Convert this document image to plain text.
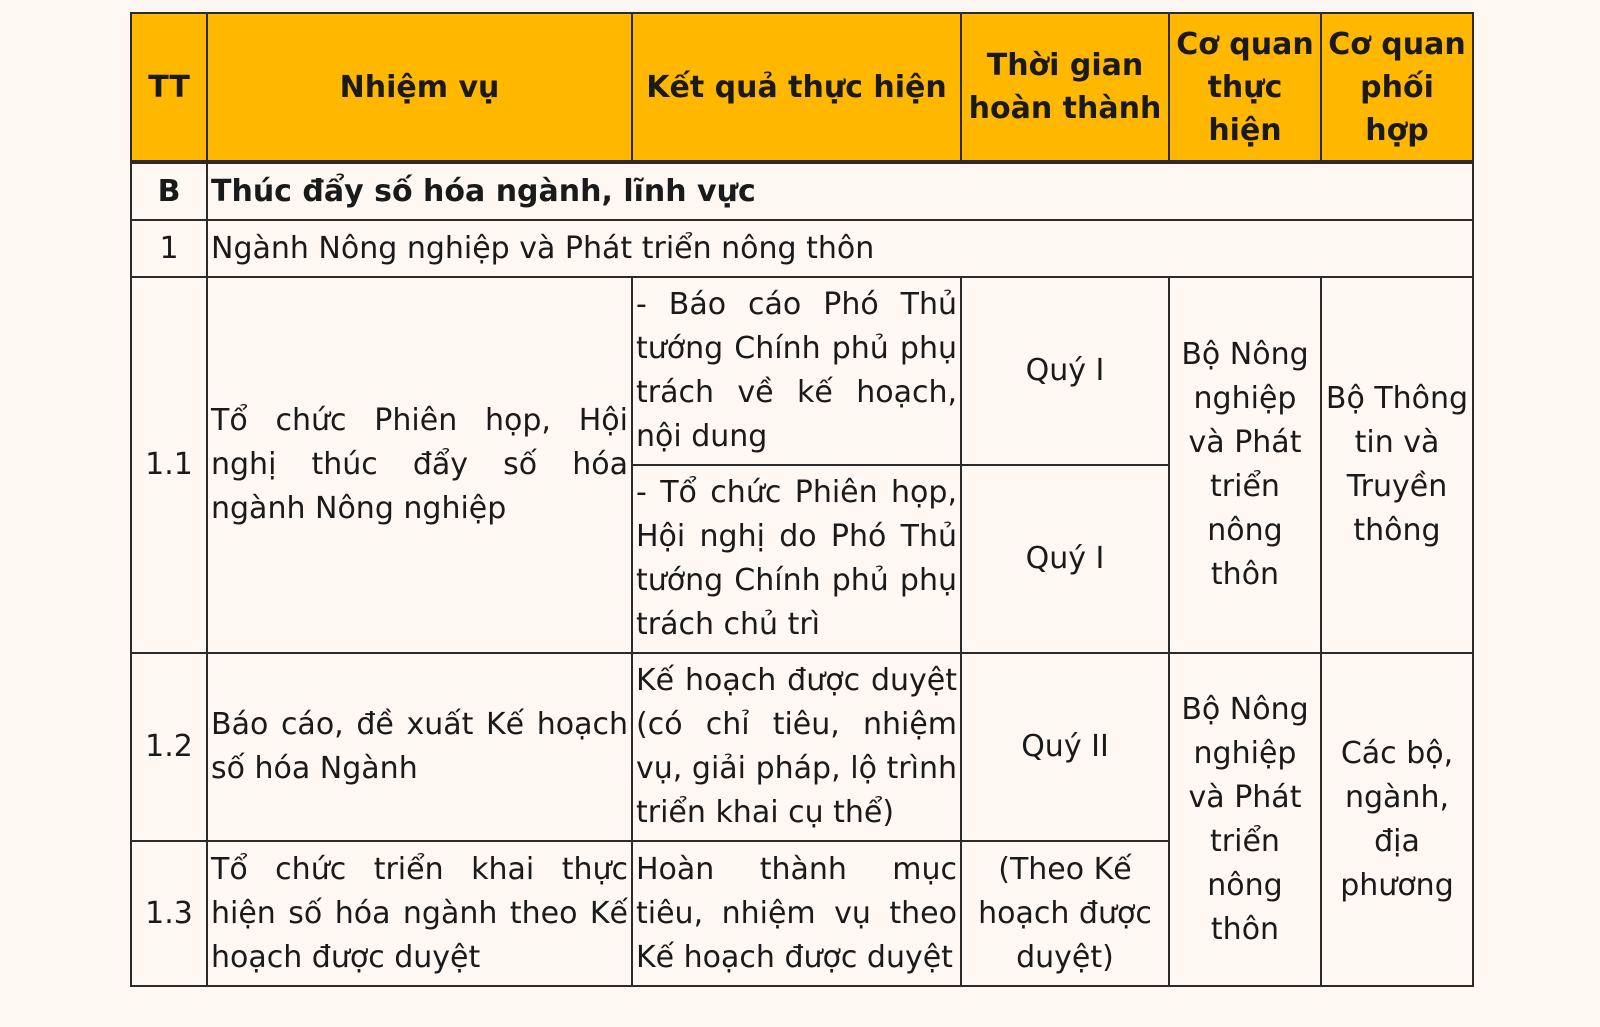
TT	Nhiệm vụ	Kết quả thực hiện	Thời gian hoàn thành	Cơ quan thực hiện	Cơ quan phối hợp
B	Thúc đẩy số hóa ngành, lĩnh vực				
1	Ngành Nông nghiệp và Phát triển nông thôn				
1.1	Tổ chức Phiên họp, Hội nghị thúc đẩy số hóa ngành Nông nghiệp	- Báo cáo Phó Thủ tướng Chính phủ phụ trách về kế hoạch, nội dung	Quý I	Bộ Nông nghiệp và Phát triển nông thôn	Bộ Thông tin và Truyền thông
		- Tổ chức Phiên họp, Hội nghị do Phó Thủ tướng Chính phủ phụ trách chủ trì	Quý I		
1.2	Báo cáo, đề xuất Kế hoạch số hóa Ngành	Kế hoạch được duyệt (có chỉ tiêu, nhiệm vụ, giải pháp, lộ trình triển khai cụ thể)	Quý II	Bộ Nông nghiệp và Phát triển nông thôn	Các bộ, ngành, địa phương
1.3	Tổ chức triển khai thực hiện số hóa ngành theo Kế hoạch được duyệt	Hoàn thành mục tiêu, nhiệm vụ theo Kế hoạch được duyệt	(Theo Kế hoạch được duyệt)		
